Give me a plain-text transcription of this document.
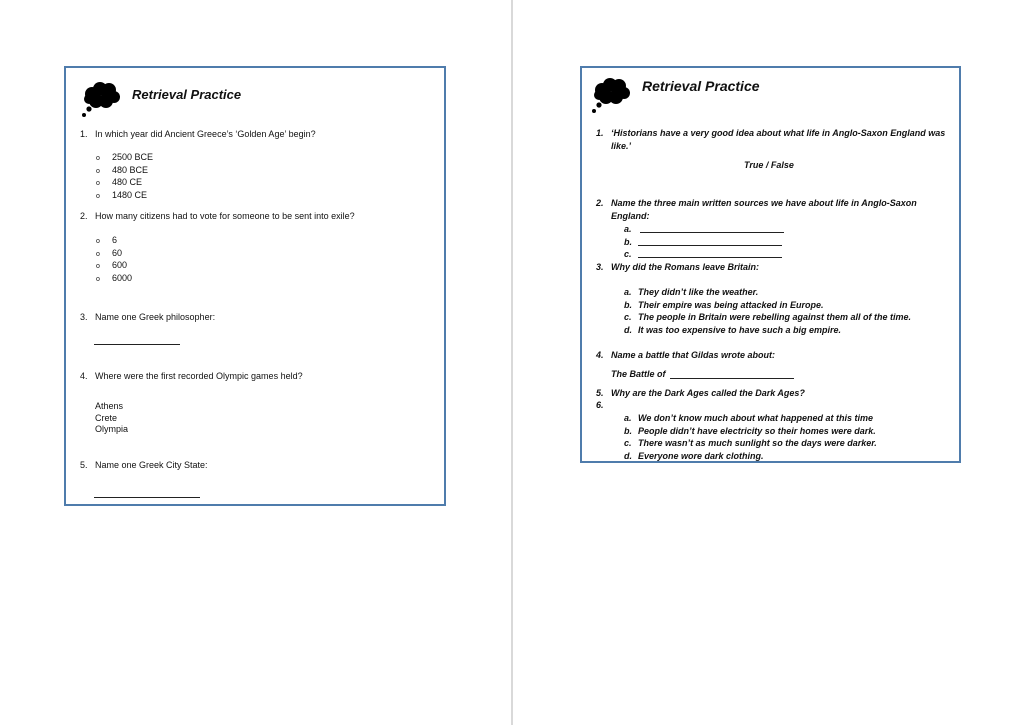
Retrieval Practice
1. In which year did Ancient Greece’s ‘Golden Age’ begin?
o 2500 BCE
o 480 BCE
o 480 CE
o 1480 CE
2. How many citizens had to vote for someone to be sent into exile?
o 6
o 60
o 600
o 6000
3. Name one Greek philosopher:
4. Where were the first recorded Olympic games held?
Athens
Crete
Olympia
5. Name one Greek City State:
Retrieval Practice
1. ‘Historians have a very good idea about what life in Anglo-Saxon England was
like.’
True / False
2. Name the three main written sources we have about life in Anglo-Saxon
England:
a.
b.
c.
3. Why did the Romans leave Britain:
a. They didn’t like the weather.
b. Their empire was being attacked in Europe.
c. The people in Britain were rebelling against them all of the time.
d. It was too expensive to have such a big empire.
4. Name a battle that Gildas wrote about:
The Battle of
5. Why are the Dark Ages called the Dark Ages?
6.
a. We don’t know much about what happened at this time
b. People didn’t have electricity so their homes were dark.
c. There wasn’t as much sunlight so the days were darker.
d. Everyone wore dark clothing.
